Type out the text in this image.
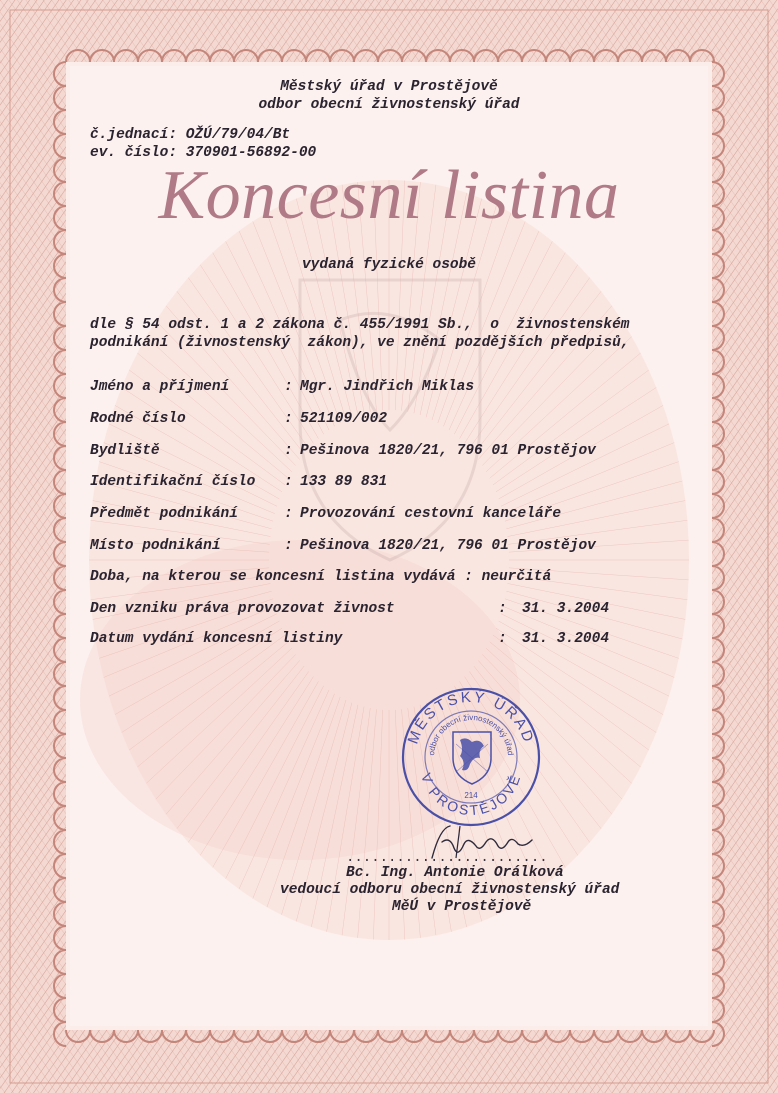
Městský úřad v Prostějově
odbor obecní živnostenský úřad
č.jednací: OŽÚ/79/04/Bt
ev. číslo: 370901-56892-00
Koncesní listina
vydaná fyzické osobě
dle § 54 odst. 1 a 2 zákona č. 455/1991 Sb.,  o  živnostenském
podnikání (živnostenský  zákon), ve znění pozdějších předpisů,
Jméno a příjmení	: Mgr. Jindřich Miklas
Rodné číslo	: 521109/002
Bydliště	: Pešinova 1820/21, 796 01 Prostějov
Identifikační číslo : 133 89 831
Předmět podnikání	: Provozování cestovní kanceláře
Místo podnikání	: Pešinova 1820/21, 796 01 Prostějov
Doba, na kterou se koncesní listina vydává : neurčitá
Den vzniku práva provozovat živnost	: 31. 3.2004
Datum vydání koncesní listiny	: 31. 3.2004
MĚSTSKÝ ÚŘAD
odbor obecní živnostenský úřad
V PROSTĚJOVĚ
214
........................
Bc. Ing. Antonie Orálková
vedoucí odboru obecní živnostenský úřad
MěÚ v Prostějově
